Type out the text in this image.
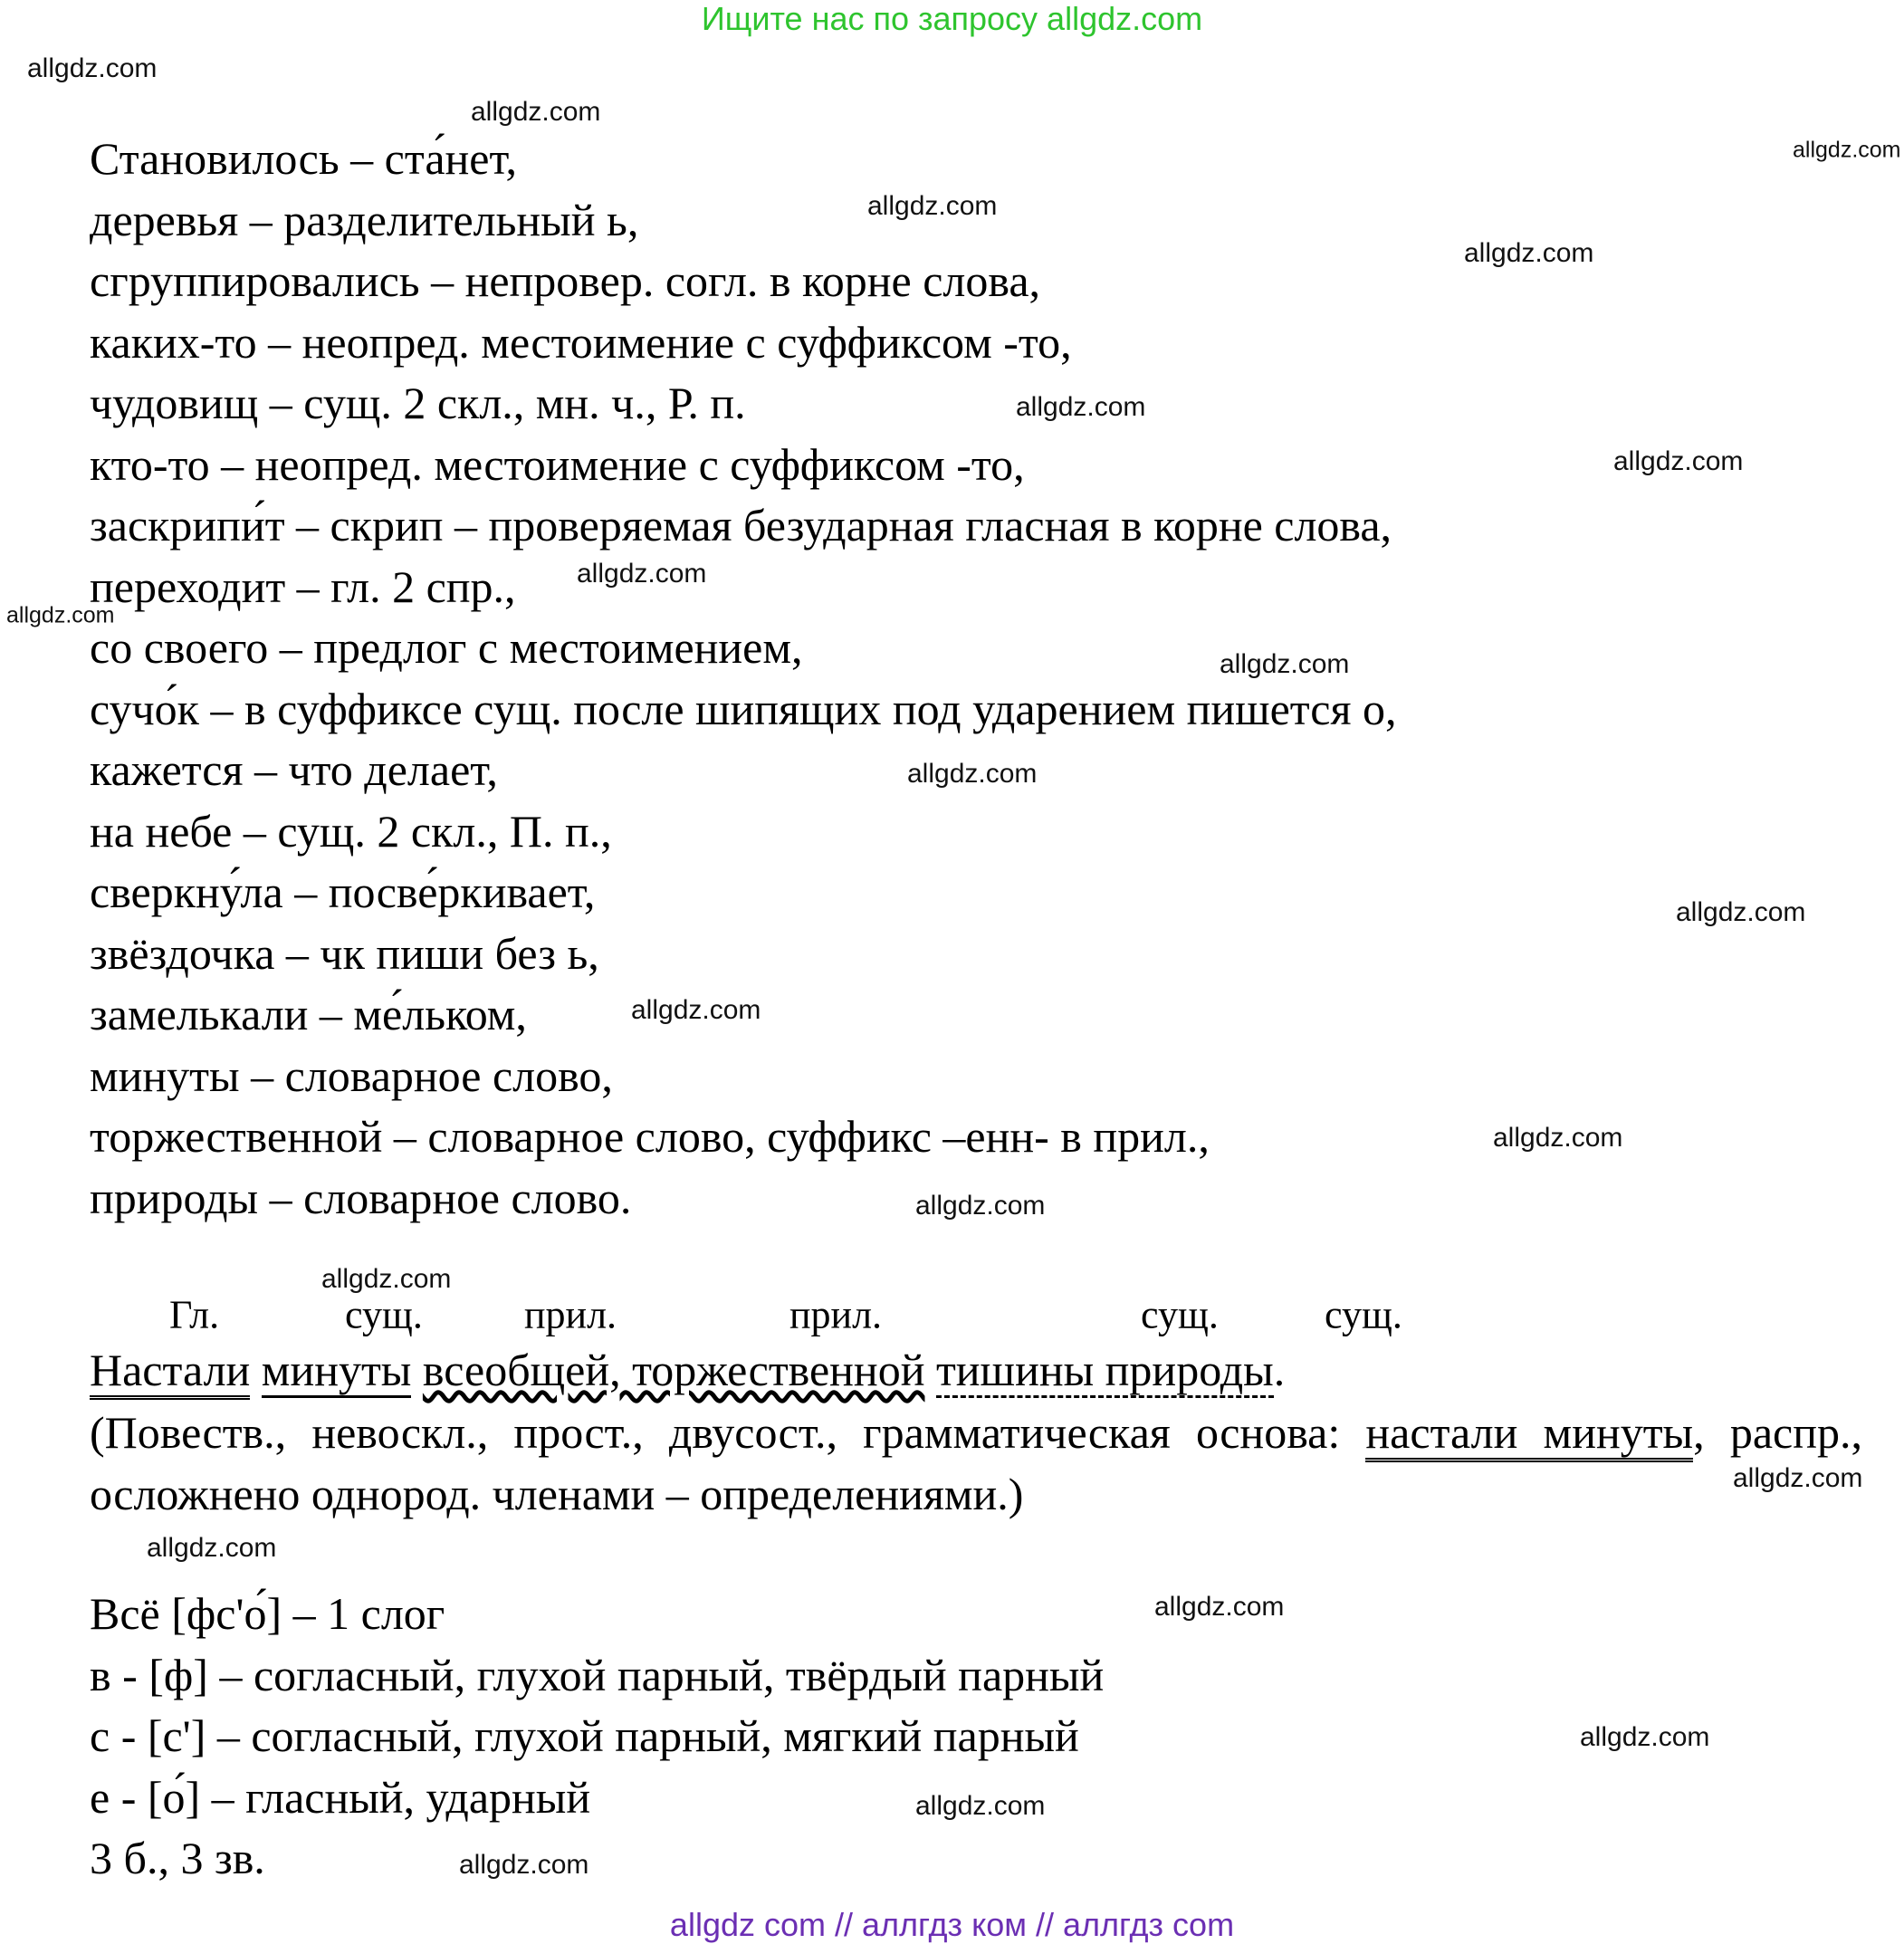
Ищите нас по запросу allgdz.com
Становилось – ста́нет,
деревья – разделительный ь,
сгруппировались – непровер. согл. в корне слова,
каких-то – неопред. местоимение с суффиксом -то,
чудовищ – сущ. 2 скл., мн. ч., Р. п.
кто-то – неопред. местоимение с суффиксом -то,
заскрипи́т – скрип – проверяемая безударная гласная в корне слова,
переходит – гл. 2 спр.,
со своего – предлог с местоимением,
сучо́к – в суффиксе сущ. после шипящих под ударением пишется о,
кажется – что делает,
на небе – сущ. 2 скл., П. п.,
сверкну́ла – посве́ркивает,
звёздочка – чк пиши без ь,
замелькали – ме́льком,
минуты – словарное слово,
торжественной – словарное слово, суффикс –енн- в прил.,
природы – словарное слово.
Гл.	сущ.	прил.	прил.	сущ.	сущ.
Настали минуты всеобщей, торжественной тишины природы.
(Повеств., невоскл., прост., двусост., грамматическая основа: настали минуты, распр., осложнено однород. членами – определениями.)
Всё [фс'о́] – 1 слог
в - [ф] – согласный, глухой парный, твёрдый парный
с - [с'] – согласный, глухой парный, мягкий парный
е - [о́] – гласный, ударный
3 б., 3 зв.
allgdz.com
allgdz.com
allgdz.com
allgdz.com
allgdz.com
allgdz.com
allgdz.com
allgdz.com
allgdz.com
allgdz.com
allgdz.com
allgdz.com
allgdz.com
allgdz.com
allgdz.com
allgdz.com
allgdz.com
allgdz.com
allgdz.com
allgdz.com
allgdz.com
allgdz.com
allgdz com // аллгдз ком // аллгдз com
